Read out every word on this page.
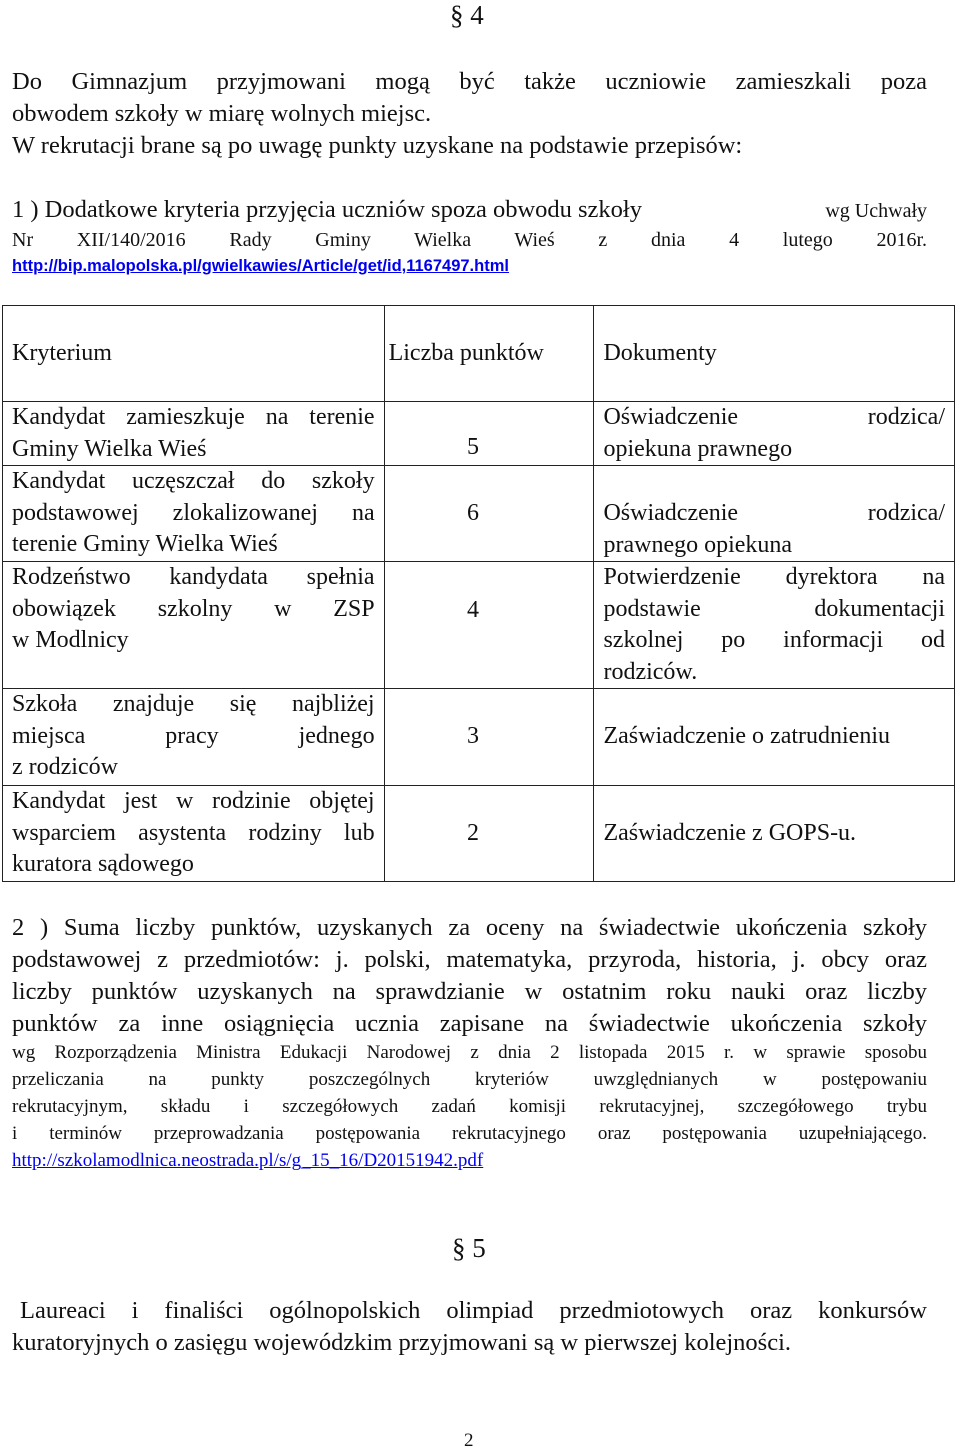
§ 4
Do Gimnazjum przyjmowani mogą być także uczniowie zamieszkali poza
obwodem szkoły w miarę wolnych miejsc.
W rekrutacji brane są po uwagę punkty uzyskane na podstawie przepisów:
1 ) Dodatkowe kryteria przyjęcia uczniów spoza obwodu szkoły	wg Uchwały
Nr XII/140/2016 Rady Gminy Wielka Wieś z dnia 4 lutego 2016r.
http://bip.malopolska.pl/gwielkawies/Article/get/id,1167497.html
Kryterium	Liczba punktów	Dokumenty

Kandydat zamieszkuje na terenie
Gminy Wielka Wieś	5	Oświadczenie rodzica/
opiekuna prawnego

Kandydat uczęszczał do szkoły
podstawowej zlokalizowanej na
terenie Gminy Wielka Wieś	6	Oświadczenie rodzica/
prawnego opiekuna

Rodzeństwo kandydata spełnia
obowiązek szkolny w ZSP
w Modlnicy	4	Potwierdzenie dyrektora na
podstawie dokumentacji
szkolnej po informacji od
rodziców.

Szkoła znajduje się najbliżej
miejsca pracy jednego
z rodziców	3	Zaświadczenie o zatrudnieniu

Kandydat jest w rodzinie objętej
wsparciem asystenta rodziny lub
kuratora sądowego	2	Zaświadczenie z GOPS-u.
2 ) Suma liczby punktów, uzyskanych za oceny na świadectwie ukończenia szkoły
podstawowej z przedmiotów: j. polski, matematyka, przyroda, historia, j. obcy oraz
liczby punktów uzyskanych na sprawdzianie w ostatnim roku nauki oraz liczby
punktów za inne osiągnięcia ucznia zapisane na świadectwie ukończenia szkoły
wg Rozporządzenia Ministra Edukacji Narodowej z dnia 2 listopada 2015 r. w sprawie sposobu
przeliczania na punkty poszczególnych kryteriów uwzględnianych w postępowaniu
rekrutacyjnym, składu i szczegółowych zadań komisji rekrutacyjnej, szczegółowego trybu
i terminów przeprowadzania postępowania rekrutacyjnego oraz postępowania uzupełniającego.
http://szkolamodlnica.neostrada.pl/s/g_15_16/D20151942.pdf
§ 5
Laureaci i finaliści ogólnopolskich olimpiad przedmiotowych oraz konkursów
kuratoryjnych o zasięgu wojewódzkim przyjmowani są w pierwszej kolejności.
2
